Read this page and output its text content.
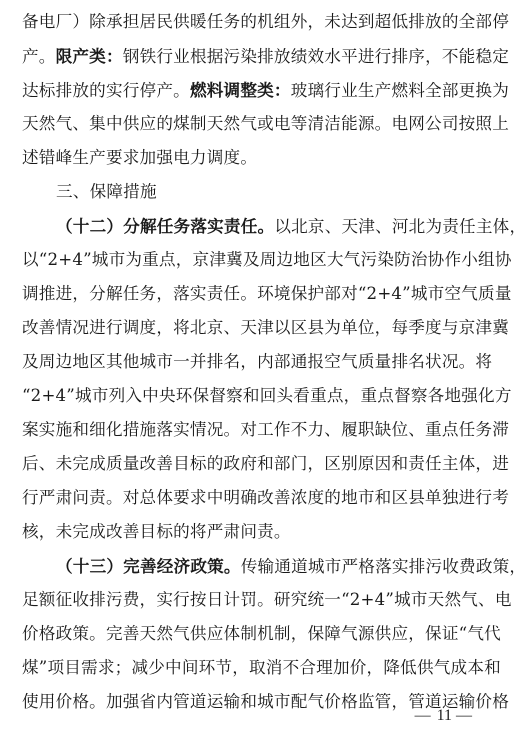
备电厂）除承担居民供暖任务的机组外，未达到超低排放的全部停
产。限产类：钢铁行业根据污染排放绩效水平进行排序，不能稳定
达标排放的实行停产。燃料调整类：玻璃行业生产燃料全部更换为
天然气、集中供应的煤制天然气或电等清洁能源。电网公司按照上
述错峰生产要求加强电力调度。
三、保障措施
（十二）分解任务落实责任。以北京、天津、河北为责任主体，
以“2+4”城市为重点，京津冀及周边地区大气污染防治协作小组协
调推进，分解任务，落实责任。环境保护部对“2+4”城市空气质量
改善情况进行调度，将北京、天津以区县为单位，每季度与京津冀
及周边地区其他城市一并排名，内部通报空气质量排名状况。将
“2+4”城市列入中央环保督察和回头看重点，重点督察各地强化方
案实施和细化措施落实情况。对工作不力、履职缺位、重点任务滞
后、未完成质量改善目标的政府和部门，区别原因和责任主体，进
行严肃问责。对总体要求中明确改善浓度的地市和区县单独进行考
核，未完成改善目标的将严肃问责。
（十三）完善经济政策。传输通道城市严格落实排污收费政策，
足额征收排污费，实行按日计罚。研究统一“2+4”城市天然气、电
价格政策。完善天然气供应体制机制，保障气源供应，保证“气代
煤”项目需求；减少中间环节，取消不合理加价，降低供气成本和
使用价格。加强省内管道运输和城市配气价格监管，管道运输价格
— 11 —
